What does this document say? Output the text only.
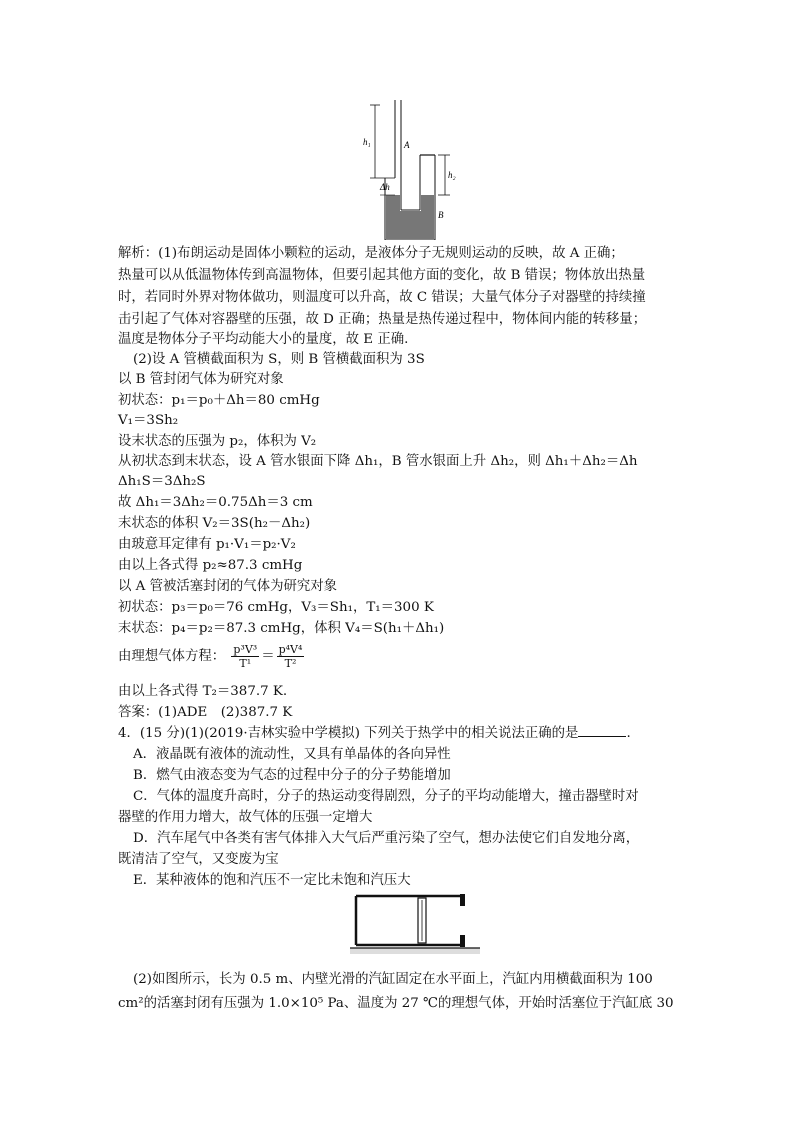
h₁	A
Δh
h₂
B
解析：(1)布朗运动是固体小颗粒的运动，是液体分子无规则运动的反映，故 A 正确；
热量可以从低温物体传到高温物体，但要引起其他方面的变化，故 B 错误；物体放出热量
时，若同时外界对物体做功，则温度可以升高，故 C 错误；大量气体分子对器壁的持续撞
击引起了气体对容器壁的压强，故 D 正确；热量是热传递过程中，物体间内能的转移量；
温度是物体分子平均动能大小的量度，故 E 正确.
(2)设 A 管横截面积为 S，则 B 管横截面积为 3S
以 B 管封闭气体为研究对象
初状态：p₁＝p₀＋Δh＝80 cmHg
V₁＝3Sh₂
设末状态的压强为 p₂，体积为 V₂
从初状态到末状态，设 A 管水银面下降 Δh₁，B 管水银面上升 Δh₂，则 Δh₁＋Δh₂＝Δh
Δh₁S＝3Δh₂S
故 Δh₁＝3Δh₂＝0.75Δh＝3 cm
末状态的体积 V₂＝3S(h₂－Δh₂)
由玻意耳定律有 p₁·V₁＝p₂·V₂
由以上各式得 p₂≈87.3 cmHg
以 A 管被活塞封闭的气体为研究对象
初状态：p₃＝p₀＝76 cmHg，V₃＝Sh₁，T₁＝300 K
末状态：p₄＝p₂＝87.3 cmHg，体积 V₄＝S(h₁＋Δh₁)
由理想气体方程： $\frac{\text{p³V³}}{\text{T¹}} = \frac{\text{p⁴V⁴}}{\text{T²}}$
由以上各式得 T₂＝387.7 K.
答案：(1)ADE　(2)387.7 K
4．(15 分)(1)(2019·吉林实验中学模拟) 下列关于热学中的相关说法正确的是	.
A．液晶既有液体的流动性，又具有单晶体的各向异性
B．燃气由液态变为气态的过程中分子的分子势能增加
C．气体的温度升高时，分子的热运动变得剧烈，分子的平均动能增大，撞击器壁时对
器壁的作用力增大，故气体的压强一定增大
D．汽车尾气中各类有害气体排入大气后严重污染了空气，想办法使它们自发地分离，
既清洁了空气，又变废为宝
E．某种液体的饱和汽压不一定比未饱和汽压大
(2)如图所示，长为 0.5 m、内壁光滑的汽缸固定在水平面上，汽缸内用横截面积为 100
cm²的活塞封闭有压强为 1.0×10⁵ Pa、温度为 27 ℃的理想气体，开始时活塞位于汽缸底 30
